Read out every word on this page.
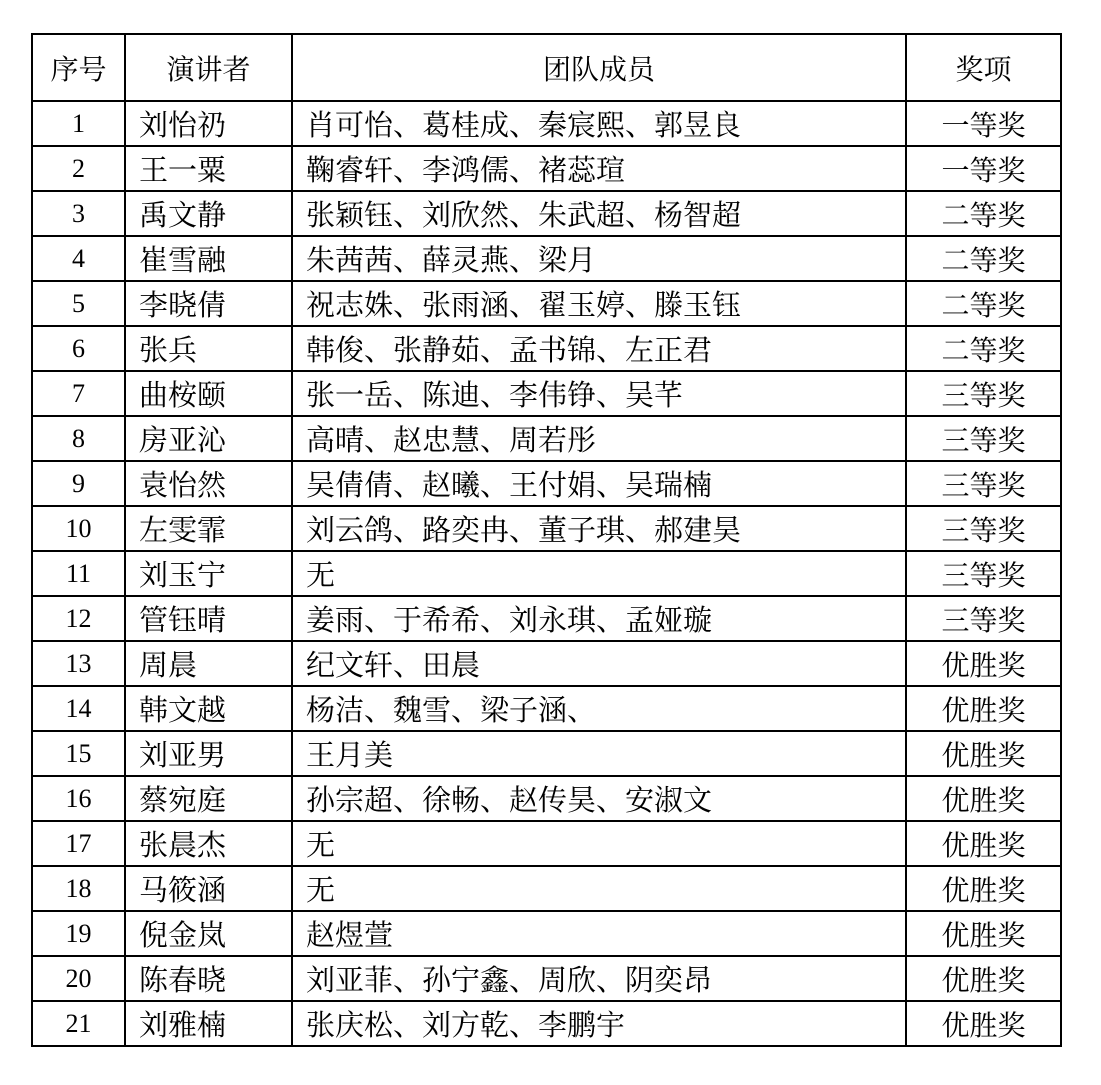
序号	演讲者	团队成员	奖项
1	刘怡礽	肖可怡、葛桂成、秦宸熙、郭昱良	一等奖
2	王一粟	鞠睿轩、李鸿儒、褚蕊瑄	一等奖
3	禹文静	张颖钰、刘欣然、朱武超、杨智超	二等奖
4	崔雪融	朱茜茜、薛灵燕、梁月	二等奖
5	李晓倩	祝志姝、张雨涵、翟玉婷、滕玉钰	二等奖
6	张兵	韩俊、张静茹、孟书锦、左正君	二等奖
7	曲桉颐	张一岳、陈迪、李伟铮、吴芊	三等奖
8	房亚沁	高晴、赵忠慧、周若彤	三等奖
9	袁怡然	吴倩倩、赵曦、王付娟、吴瑞楠	三等奖
10	左雯霏	刘云鸽、路奕冉、董子琪、郝建昊	三等奖
11	刘玉宁	无	三等奖
12	管钰晴	姜雨、于希希、刘永琪、孟娅璇	三等奖
13	周晨	纪文轩、田晨	优胜奖
14	韩文越	杨洁、魏雪、梁子涵、	优胜奖
15	刘亚男	王月美	优胜奖
16	蔡宛庭	孙宗超、徐畅、赵传昊、安淑文	优胜奖
17	张晨杰	无	优胜奖
18	马筱涵	无	优胜奖
19	倪金岚	赵煜萱	优胜奖
20	陈春晓	刘亚菲、孙宁鑫、周欣、阴奕昂	优胜奖
21	刘雅楠	张庆松、刘方乾、李鹏宇	优胜奖
